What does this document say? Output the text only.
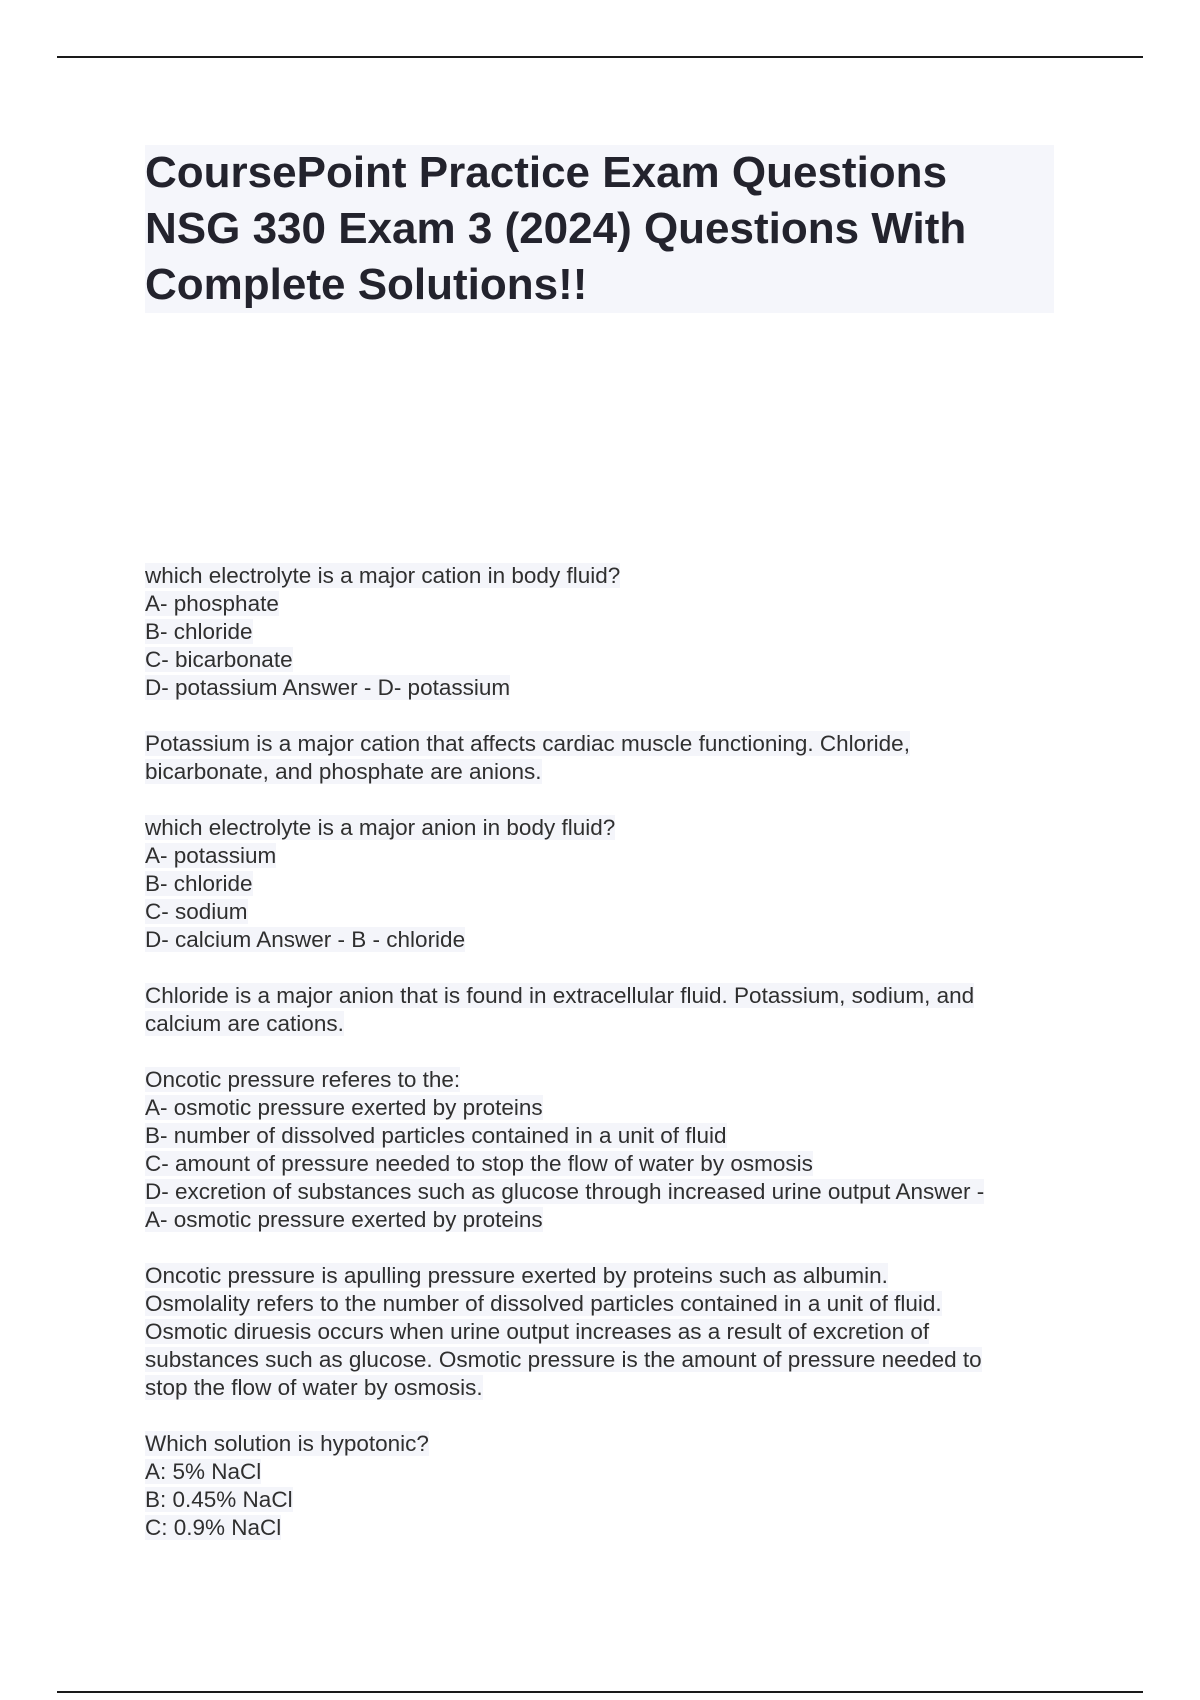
CoursePoint Practice Exam Questions
NSG 330 Exam 3 (2024) Questions With
Complete Solutions!!
which electrolyte is a major cation in body fluid?
A- phosphate
B- chloride
C- bicarbonate
D- potassium Answer - D- potassium
Potassium is a major cation that affects cardiac muscle functioning. Chloride,
bicarbonate, and phosphate are anions.
which electrolyte is a major anion in body fluid?
A- potassium
B- chloride
C- sodium
D- calcium Answer - B - chloride
Chloride is a major anion that is found in extracellular fluid. Potassium, sodium, and
calcium are cations.
Oncotic pressure referes to the:
A- osmotic pressure exerted by proteins
B- number of dissolved particles contained in a unit of fluid
C- amount of pressure needed to stop the flow of water by osmosis
D- excretion of substances such as glucose through increased urine output Answer -
A- osmotic pressure exerted by proteins
Oncotic pressure is apulling pressure exerted by proteins such as albumin.
Osmolality refers to the number of dissolved particles contained in a unit of fluid.
Osmotic diruesis occurs when urine output increases as a result of excretion of
substances such as glucose. Osmotic pressure is the amount of pressure needed to
stop the flow of water by osmosis.
Which solution is hypotonic?
A: 5% NaCl
B: 0.45% NaCl
C: 0.9% NaCl
